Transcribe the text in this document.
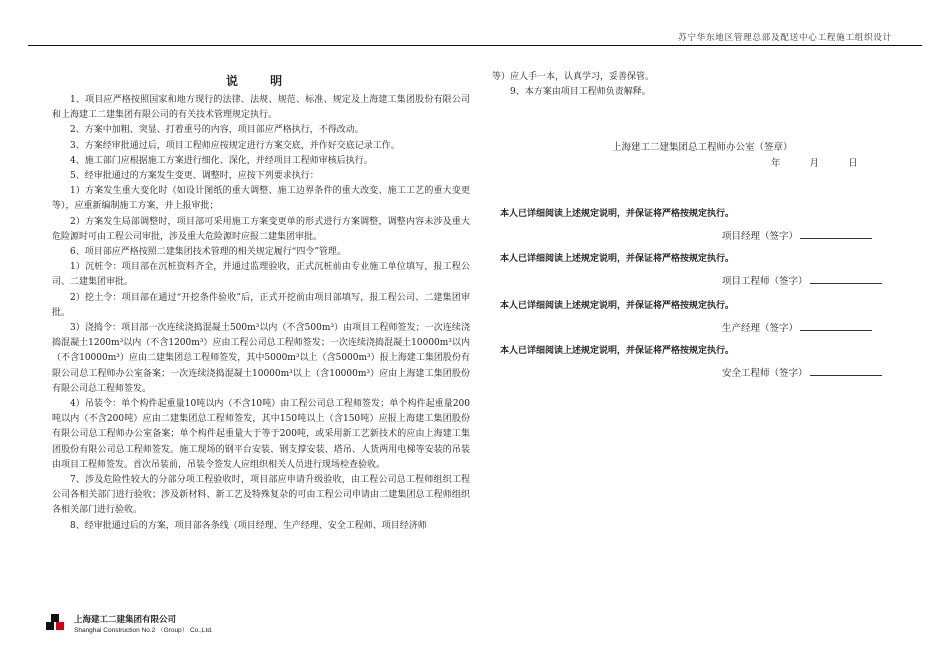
苏宁华东地区管理总部及配送中心工程施工组织设计
说 明

1、项目应严格按照国家和地方现行的法律、法规、规范、标准、规定及上海建工集团股份有限公司和上海建工二建集团有限公司的有关技术管理规定执行。

2、方案中加粗、突显、打着重号的内容，项目部应严格执行，不得改动。

3、方案经审批通过后，项目工程师应按规定进行方案交底，并作好交底记录工作。

4、施工部门应根据施工方案进行细化、深化，并经项目工程师审核后执行。

5、经审批通过的方案发生变更、调整时，应按下列要求执行：

1）方案发生重大变化时（如设计图纸的重大调整、施工边界条件的重大改变、施工工艺的重大变更等），应重新编制施工方案，并上报审批；

2）方案发生局部调整时，项目部可采用施工方案变更单的形式进行方案调整，调整内容未涉及重大危险源时可由工程公司审批，涉及重大危险源时应报二建集团审批。

6、项目部应严格按照二建集团技术管理的相关规定履行“四令”管理。

1）沉桩令：项目部在沉桩资料齐全，并通过监理验收，正式沉桩前由专业施工单位填写，报工程公司、二建集团审批。

2）挖土令：项目部在通过“开挖条件验收”后，正式开挖前由项目部填写，报工程公司、二建集团审批。

3）浇捣令：项目部一次连续浇捣混凝土500m³以内（不含500m³）由项目工程师签发；一次连续浇捣混凝土1200m³以内（不含1200m³）应由工程公司总工程师签发；一次连续浇捣混凝土10000m³以内（不含10000m³）应由二建集团总工程师签发，其中5000m³以上（含5000m³）报上海建工集团股份有限公司总工程师办公室备案；一次连续浇捣混凝土10000m³以上（含10000m³）应由上海建工集团股份有限公司总工程师签发。

4）吊装令：单个构件起重量10吨以内（不含10吨）由工程公司总工程师签发；单个构件起重量200吨以内（不含200吨）应由二建集团总工程师签发，其中150吨以上（含150吨）应报上海建工集团股份有限公司总工程师办公室备案；单个构件起重量大于等于200吨，或采用新工艺新技术的应由上海建工集团股份有限公司总工程师签发。施工现场的钢平台安装、钢支撑安装、塔吊、人货两用电梯等安装的吊装由项目工程师签发。首次吊装前，吊装令签发人应组织相关人员进行现场检查验收。

7、涉及危险性较大的分部分项工程验收时，项目部应申请升级验收，由工程公司总工程师组织工程公司各相关部门进行验收；涉及新材料、新工艺及特殊复杂的可由工程公司申请由二建集团总工程师组织各相关部门进行验收。

8、经审批通过后的方案，项目部各条线（项目经理、生产经理、安全工程师、项目经济师

等）应人手一本，认真学习，妥善保管。

9、本方案由项目工程师负责解释。

上海建工二建集团总工程师办公室（签章）
年	月	日
本人已详细阅读上述规定说明，并保证将严格按规定执行。
项目经理（签字）
本人已详细阅读上述规定说明，并保证将严格按规定执行。
项目工程师（签字）
本人已详细阅读上述规定说明，并保证将严格按规定执行。
生产经理（签字）
本人已详细阅读上述规定说明，并保证将严格按规定执行。
安全工程师（签字）
上海建工二建集团有限公司
Shanghai Construction No.2 （Group） Co.,Ltd.
